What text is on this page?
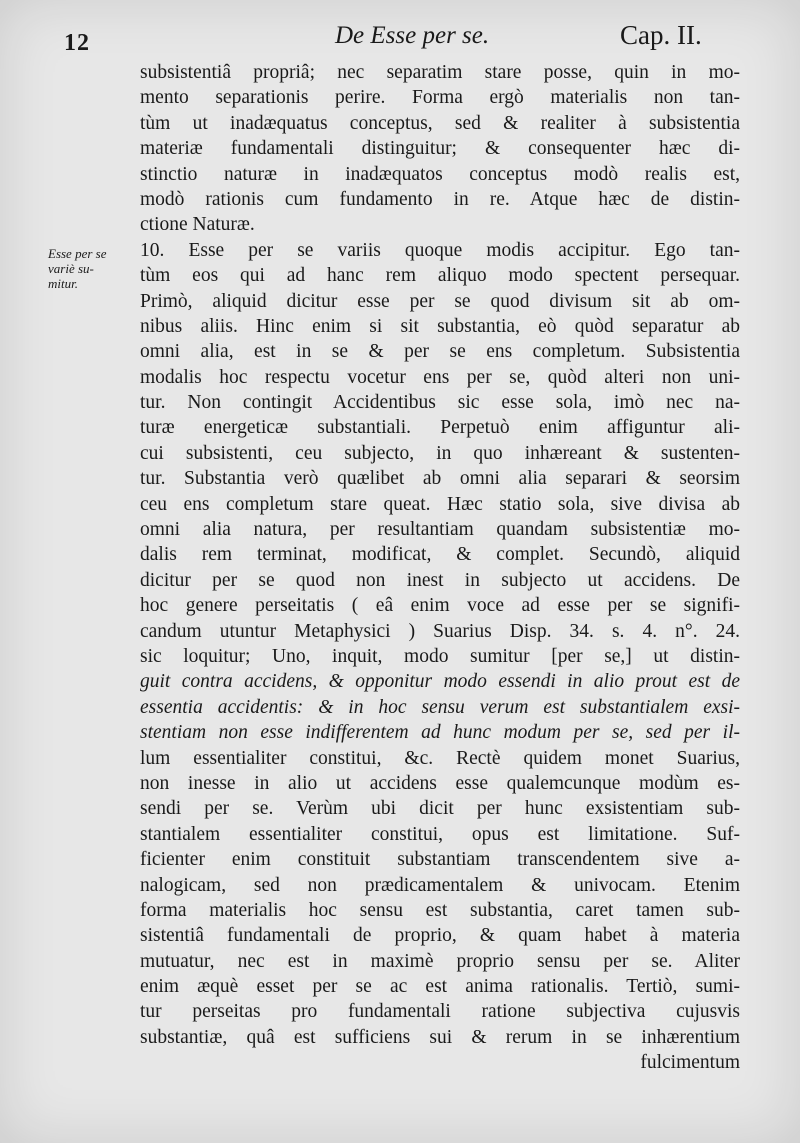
12	De Esse per se.	Cap. II.
Esse per se
variè su-
mitur.
subsistentiâ propriâ; nec separatim stare posse, quin in mo-
mento separationis perire. Forma ergò materialis non tan-
tùm ut inadæquatus conceptus, sed & realiter à subsistentia
materiæ fundamentali distinguitur; & consequenter hæc di-
stinctio naturæ in inadæquatos conceptus modò realis est,
modò rationis cum fundamento in re. Atque hæc de distin-
ctione Naturæ.
10. Esse per se variis quoque modis accipitur. Ego tan-
tùm eos qui ad hanc rem aliquo modo spectent persequar.
Primò, aliquid dicitur esse per se quod divisum sit ab om-
nibus aliis. Hinc enim si sit substantia, eò quòd separatur ab
omni alia, est in se & per se ens completum. Subsistentia
modalis hoc respectu vocetur ens per se, quòd alteri non uni-
tur. Non contingit Accidentibus sic esse sola, imò nec na-
turæ energeticæ substantiali. Perpetuò enim affiguntur ali-
cui subsistenti, ceu subjecto, in quo inhæreant & sustenten-
tur. Substantia verò quælibet ab omni alia separari & seorsim
ceu ens completum stare queat. Hæc statio sola, sive divisa ab
omni alia natura, per resultantiam quandam subsistentiæ mo-
dalis rem terminat, modificat, & complet. Secundò, aliquid
dicitur per se quod non inest in subjecto ut accidens. De
hoc genere perseitatis ( eâ enim voce ad esse per se signifi-
candum utuntur Metaphysici ) Suarius Disp. 34. s. 4. n°. 24.
sic loquitur; Uno, inquit, modo sumitur [per se,] ut distin-
guit contra accidens, & opponitur modo essendi in alio prout est de
essentia accidentis: & in hoc sensu verum est substantialem exsi-
stentiam non esse indifferentem ad hunc modum per se, sed per il-
lum essentialiter constitui, &c. Rectè quidem monet Suarius,
non inesse in alio ut accidens esse qualemcunque modùm es-
sendi per se. Verùm ubi dicit per hunc exsistentiam sub-
stantialem essentialiter constitui, opus est limitatione. Suf-
ficienter enim constituit substantiam transcendentem sive a-
nalogicam, sed non prædicamentalem & univocam. Etenim
forma materialis hoc sensu est substantia, caret tamen sub-
sistentiâ fundamentali de proprio, & quam habet à materia
mutuatur, nec est in maximè proprio sensu per se. Aliter
enim æquè esset per se ac est anima rationalis. Tertiò, sumi-
tur perseitas pro fundamentali ratione subjectiva cujusvis
substantiæ, quâ est sufficiens sui & rerum in se inhærentium
fulcimentum
